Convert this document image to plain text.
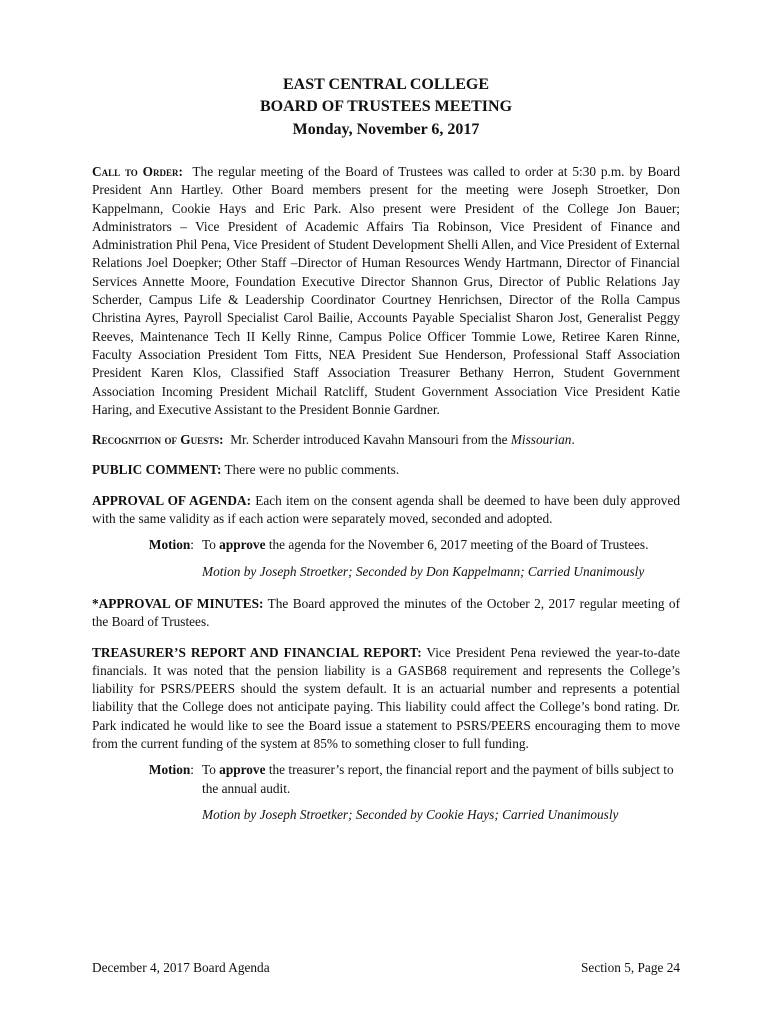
EAST CENTRAL COLLEGE
BOARD OF TRUSTEES MEETING
Monday, November 6, 2017

Call to Order: The regular meeting of the Board of Trustees was called to order at 5:30 p.m. by Board President Ann Hartley. Other Board members present for the meeting were Joseph Stroetker, Don Kappelmann, Cookie Hays and Eric Park. Also present were President of the College Jon Bauer; Administrators – Vice President of Academic Affairs Tia Robinson, Vice President of Finance and Administration Phil Pena, Vice President of Student Development Shelli Allen, and Vice President of External Relations Joel Doepker; Other Staff –Director of Human Resources Wendy Hartmann, Director of Financial Services Annette Moore, Foundation Executive Director Shannon Grus, Director of Public Relations Jay Scherder, Campus Life & Leadership Coordinator Courtney Henrichsen, Director of the Rolla Campus Christina Ayres, Payroll Specialist Carol Bailie, Accounts Payable Specialist Sharon Jost, Generalist Peggy Reeves, Maintenance Tech II Kelly Rinne, Campus Police Officer Tommie Lowe, Retiree Karen Rinne, Faculty Association President Tom Fitts, NEA President Sue Henderson, Professional Staff Association President Karen Klos, Classified Staff Association Treasurer Bethany Herron, Student Government Association Incoming President Michail Ratcliff, Student Government Association Vice President Katie Haring, and Executive Assistant to the President Bonnie Gardner.

Recognition of Guests: Mr. Scherder introduced Kavahn Mansouri from the Missourian.

PUBLIC COMMENT: There were no public comments.

APPROVAL OF AGENDA: Each item on the consent agenda shall be deemed to have been duly approved with the same validity as if each action were separately moved, seconded and adopted.

Motion: To approve the agenda for the November 6, 2017 meeting of the Board of Trustees.

Motion by Joseph Stroetker; Seconded by Don Kappelmann; Carried Unanimously

*APPROVAL OF MINUTES: The Board approved the minutes of the October 2, 2017 regular meeting of the Board of Trustees.

TREASURER’S REPORT AND FINANCIAL REPORT: Vice President Pena reviewed the year-to-date financials. It was noted that the pension liability is a GASB68 requirement and represents the College’s liability for PSRS/PEERS should the system default. It is an actuarial number and represents a potential liability that the College does not anticipate paying. This liability could affect the College’s bond rating. Dr. Park indicated he would like to see the Board issue a statement to PSRS/PEERS encouraging them to move from the current funding of the system at 85% to something closer to full funding.

Motion: To approve the treasurer’s report, the financial report and the payment of bills subject to the annual audit.

Motion by Joseph Stroetker; Seconded by Cookie Hays; Carried Unanimously

December 4, 2017 Board Agenda	Section 5, Page 24
